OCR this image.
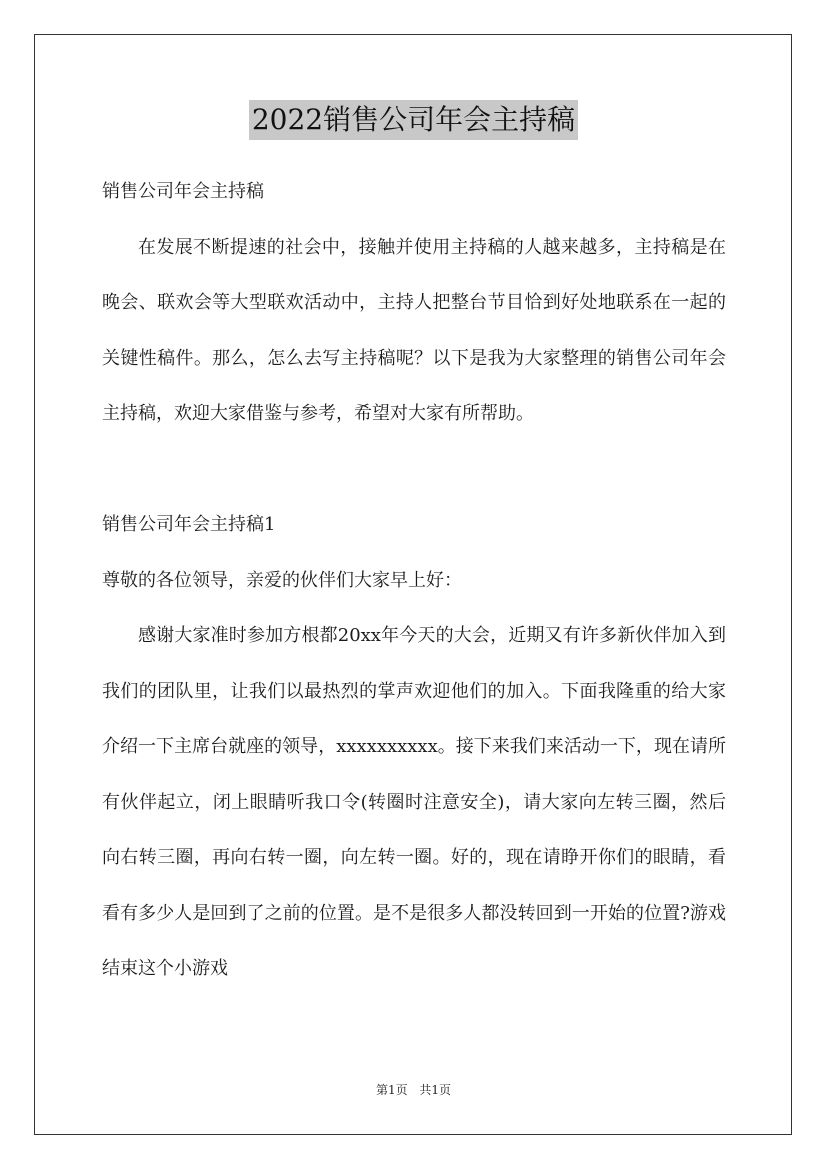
2022销售公司年会主持稿

销售公司年会主持稿

在发展不断提速的社会中，接触并使用主持稿的人越来越多，主持稿是在晚会、联欢会等大型联欢活动中，主持人把整台节目恰到好处地联系在一起的关键性稿件。那么，怎么去写主持稿呢？以下是我为大家整理的销售公司年会主持稿，欢迎大家借鉴与参考，希望对大家有所帮助。

销售公司年会主持稿1

尊敬的各位领导，亲爱的伙伴们大家早上好：

感谢大家准时参加方根都20xx年今天的大会，近期又有许多新伙伴加入到我们的团队里，让我们以最热烈的掌声欢迎他们的加入。下面我隆重的给大家介绍一下主席台就座的领导，xxxxxxxxxx。接下来我们来活动一下，现在请所有伙伴起立，闭上眼睛听我口令(转圈时注意安全)，请大家向左转三圈，然后向右转三圈，再向右转一圈，向左转一圈。好的，现在请睁开你们的眼睛，看看有多少人是回到了之前的位置。是不是很多人都没转回到一开始的位置?游戏结束这个小游戏

第1页 共1页
